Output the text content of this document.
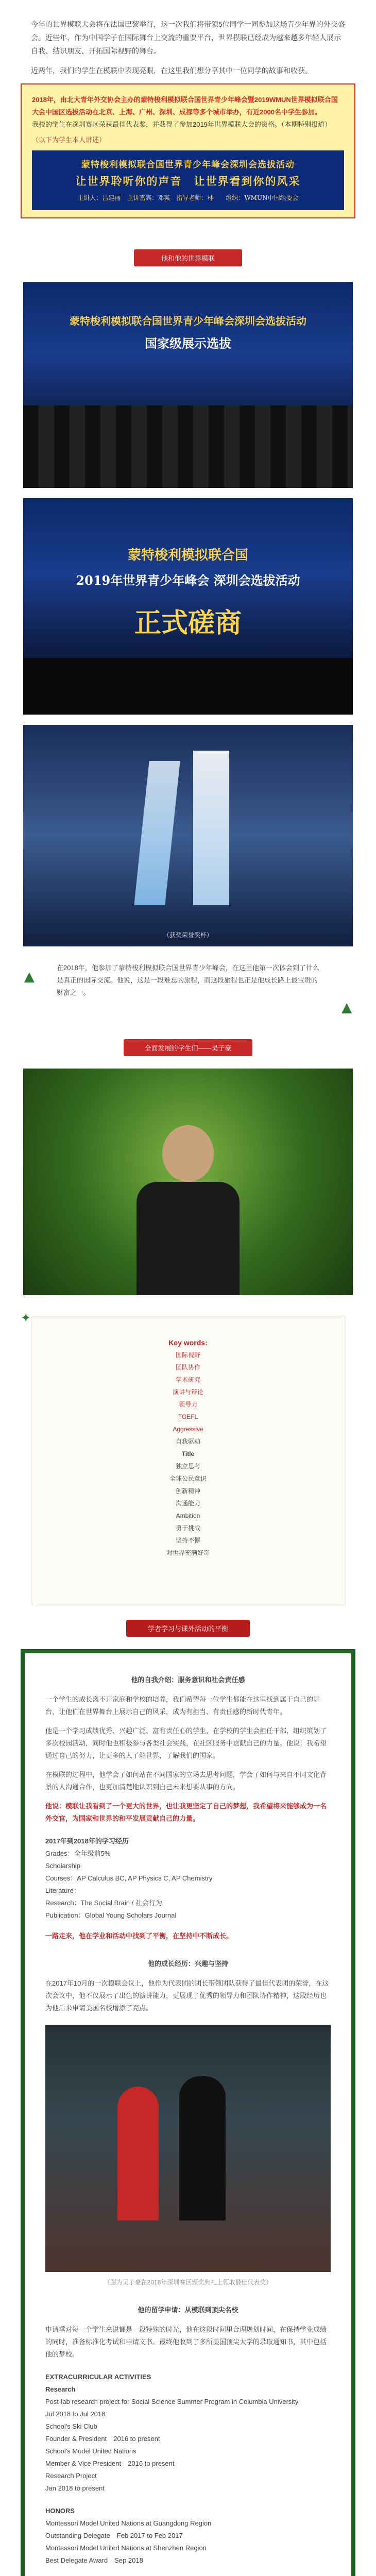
今年的世界模联大会将在法国巴黎举行，这一次我们将带领5位同学一同参加这场青少年界的外交盛会。近些年，作为中国学子在国际舞台上交流的重要平台，世界模联已经成为越来越多年轻人展示自我、结识朋友、开拓国际视野的舞台。

近两年，我们的学生在模联中表现亮眼，在这里我们想分享其中一位同学的故事和收获。

2018年，由北大青年外交协会主办的蒙特梭利模拟联合国世界青少年峰会暨2019WMUN世界模拟联合国大会中国区选拔活动在北京、上海、广州、深圳、成都等多个城市举办，有近2000名中学生参加。
我校的学生在深圳赛区荣获最佳代表奖，并获得了参加2019年世界模联大会的资格。（本期特别报道）
（以下为学生本人讲述）
蒙特梭利模拟联合国世界青少年峰会深圳会选拔活动
让世界聆听你的声音　让世界看到你的风采
主讲人：吕建丽　主讲嘉宾：邓某　指导老师：林　　组织：WMUN中国组委会
他和他的世界模联
蒙特梭利模拟联合国世界青少年峰会深圳会选拔活动
国家级展示选拔
蒙特梭利模拟联合国
2019年世界青少年峰会 深圳会选拔活动
正式磋商
（获奖荣誉奖杯）
▲
▲
在2018年，他参加了蒙特梭利模拟联合国世界青少年峰会，在这里他第一次体会到了什么是真正的国际交流。他说，这是一段难忘的旅程，而这段旅程也正是他成长路上最宝贵的财富之一。
全面发展的学生们——吴子豪
✦
Key words:
国际视野
团队协作
学术研究
演讲与辩论
领导力
TOEFL
Aggressive
自我驱动
Title
独立思考
全球公民意识
创新精神
沟通能力
Ambition
勇于挑战
坚持不懈
对世界充满好奇
学者学习与课外活动的平衡
他的自我介绍：服务意识和社会责任感

一个学生的成长离不开家庭和学校的培养，我们希望每一位学生都能在这里找到属于自己的舞台，让他们在世界舞台上展示自己的风采，成为有担当、有责任感的新时代青年。

他是一个学习成绩优秀、兴趣广泛、富有责任心的学生，在学校的学生会担任干部，组织策划了多次校园活动，同时他也积极参与各类社会实践，在社区服务中贡献自己的力量。他说：我希望通过自己的努力，让更多的人了解世界，了解我们的国家。

在模联的过程中，他学会了如何站在不同国家的立场去思考问题，学会了如何与来自不同文化背景的人沟通合作，也更加清楚地认识到自己未来想要从事的方向。

他说：模联让我看到了一个更大的世界，也让我更坚定了自己的梦想，我希望将来能够成为一名外交官，为国家和世界的和平发展贡献自己的力量。

2017年到2018年的学习经历
Grades：全年级前5%
Scholarship
Courses：AP Calculus BC, AP Physics C, AP Chemistry
Literature：
Research：The Social Brain / 社会行为
Publication：Global Young Scholars Journal

一路走来，他在学业和活动中找到了平衡，在坚持中不断成长。

他的成长经历：兴趣与坚持

在2017年10月的一次模联会议上，他作为代表团的团长带领团队获得了最佳代表团的荣誉，在这次会议中，他不仅展示了出色的演讲能力，更展现了优秀的领导力和团队协作精神，这段经历也为他后来申请美国名校增添了亮点。

（图为吴子豪在2018年深圳赛区颁奖典礼上领取最佳代表奖）
他的留学申请：从模联到顶尖名校

申请季对每一个学生来说都是一段特殊的时光，他在这段时间里合理规划时间，在保持学业成绩的同时，准备标准化考试和申请文书。最终他收到了多所美国顶尖大学的录取通知书，其中包括他的梦校。

EXTRACURRICULAR ACTIVITIES
Research
Post-lab research project for Social Science Summer Program in Columbia University
Jul 2018 to Jul 2018
School's Ski Club
Founder & President　2016 to present
School's Model United Nations
Member & Vice President　2016 to present
Research Project
Jan 2018 to present
HONORS
Montessori Model United Nations at Guangdong Region
Outstanding Delegate　Feb 2017 to Feb 2017
Montessori Model United Nations at Shenzhen Region
Best Delegate Award　Sep 2018
